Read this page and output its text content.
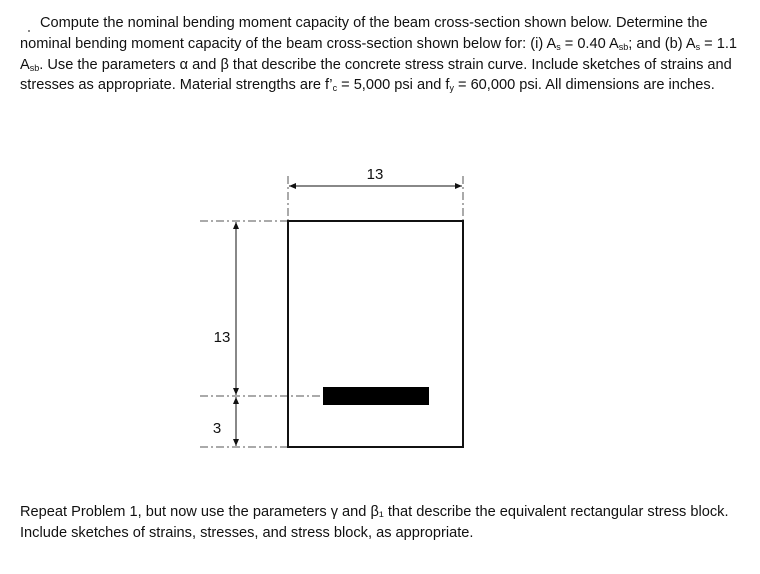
Compute the nominal bending moment capacity of the beam cross-section shown below. Determine the nominal bending moment capacity of the beam cross-section shown below for: (i) $A_s = 0.40$ $A_{sb}$; and (b) $A_s = 1.1$ $A_{sb}$. Use the parameters α and β that describe the concrete stress strain curve. Include sketches of strains and stresses as appropriate. Material strengths are $f’_c = 5,000$ psi and $f_y = 60,000$ psi. All dimensions are inches.
13
13
3
Repeat Problem 1, but now use the parameters γ and β₁ that describe the equivalent rectangular stress block. Include sketches of strains, stresses, and stress block, as appropriate.
